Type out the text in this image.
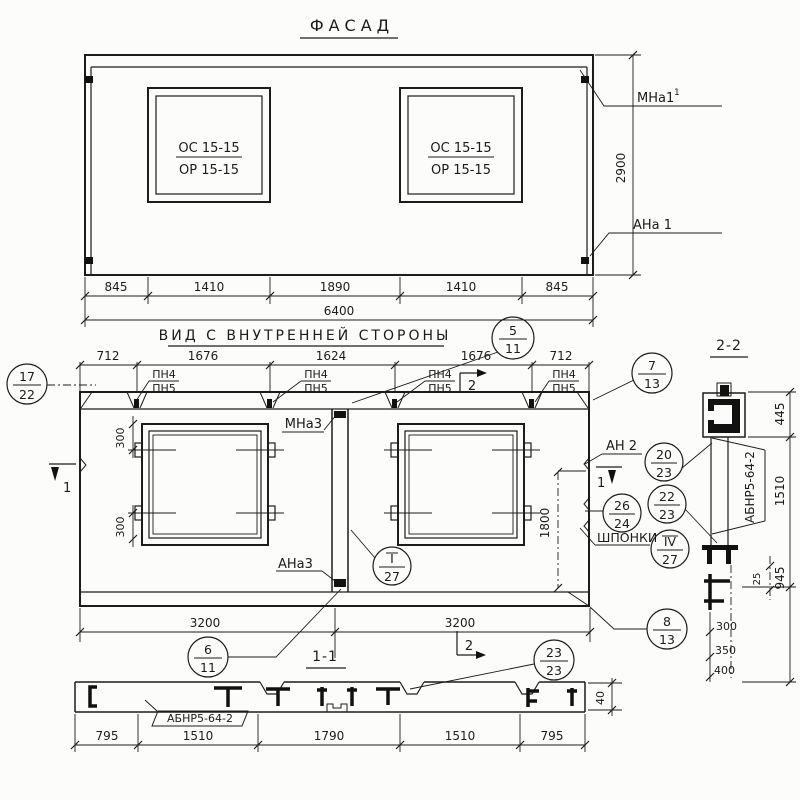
ФАСАД
ОС 15-15
ОР 15-15
ОС 15-15
ОР 15-15
МНа1 1
АНа 1
2900
845	1410	1890	1410	845
6400
ВИД С ВНУТРЕННЕЙ СТОРОНЫ
712	1676	1624	1676	712
ПН4
ПН5
ПН4
ПН5
ПН4
ПН5
ПН4
ПН5
300
300	1800
МНа3
АНа3
АН 2
ШПОНКИ
3200	3200
1	1
2
2
2-2
АБНР5-64-2
445
1510
945
25
300
350
400
1-1
АБНР5-64-2
40
795	1510	1790	1510	795
17
22
5
11
7
13
20
23
22
23
26
24
IV
27
8
13
6
11
I
27
23
23
